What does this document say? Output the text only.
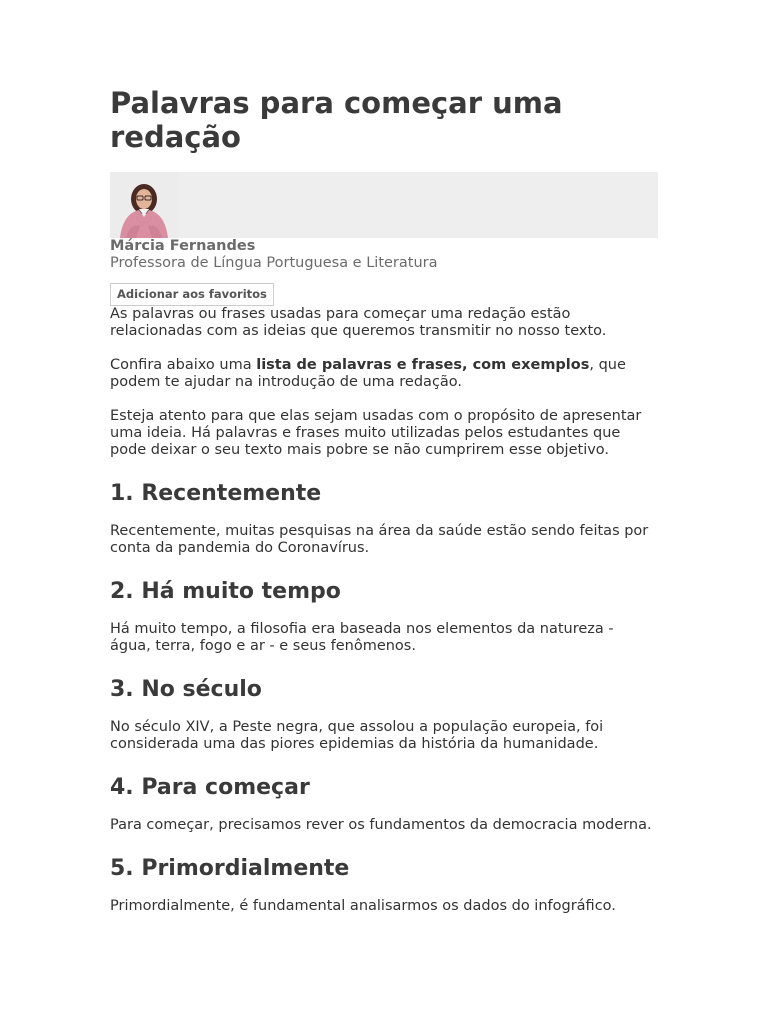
Palavras para começar uma redação
Márcia Fernandes
Professora de Língua Portuguesa e Literatura
Adicionar aos favoritos

As palavras ou frases usadas para começar uma redação estão relacionadas com as ideias que queremos transmitir no nosso texto.

Confira abaixo uma lista de palavras e frases, com exemplos, que podem te ajudar na introdução de uma redação.

Esteja atento para que elas sejam usadas com o propósito de apresentar uma ideia. Há palavras e frases muito utilizadas pelos estudantes que pode deixar o seu texto mais pobre se não cumprirem esse objetivo.

1. Recentemente

Recentemente, muitas pesquisas na área da saúde estão sendo feitas por conta da pandemia do Coronavírus.

2. Há muito tempo

Há muito tempo, a filosofia era baseada nos elementos da natureza - água, terra, fogo e ar - e seus fenômenos.

3. No século

No século XIV, a Peste negra, que assolou a população europeia, foi considerada uma das piores epidemias da história da humanidade.

4. Para começar

Para começar, precisamos rever os fundamentos da democracia moderna.

5. Primordialmente

Primordialmente, é fundamental analisarmos os dados do infográfico.
